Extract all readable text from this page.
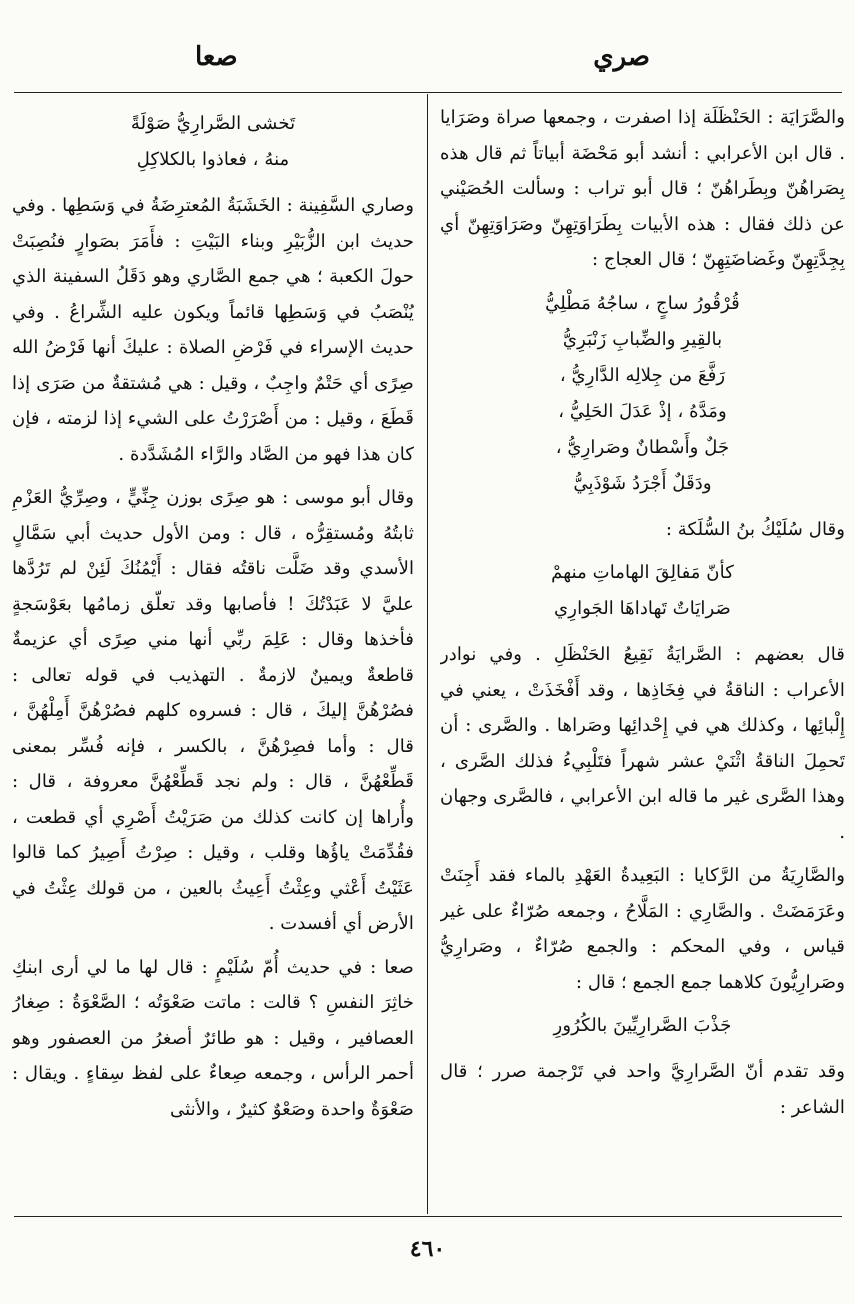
صري
صعا

والصَّرَايَة : الحَنْظَلَة إذا اصفرت ، وجمعها صراة وصَرَايا . قال ابن الأعرابي : أنشد أبو مَحْضَة أبياتاً ثم قال هذه بِصَراهُنّ وبِطَراهُنّ ؛ قال أبو تراب : وسألت الحُصَيْني عن ذلك فقال : هذه الأبيات بِطَرَاوَتِهِنّ وصَرَاوَتِهِنّ أي بِجِدَّتِهِنّ وغَضاضَتِهِنّ ؛ قال العجاج :

قُرْقُورُ ساجٍ ، ساجُهُ مَطْلِيُّ
بالقِيرِ والضِّبابِ زَنْبَرِيُّ
رَفَّعَ من جِلالِه الدَّارِيُّ ،
ومَدَّهُ ، إذْ عَدَلَ الحَلِيُّ ،
جَلٌ وأَسْطانٌ وصَرارِيُّ ،
ودَقَلٌ أَجْرَدُ شَوْذَبِيُّ

وقال سُلَيْكُ بنُ السُّلَكة :

كأنّ مَفالِقَ الهاماتِ منهمْ
صَرايَاتٌ تَهاداهَا الجَوارِي

قال بعضهم : الصَّرايَةُ نَقِيعُ الحَنْظَلِ . وفي نوادر الأعراب : الناقةُ في فِخَاذِها ، وقد أَفْخَذَتْ ، يعني في إِلْبائِها ، وكذلك هي في إِحْدائِها وصَراها . والصَّرى : أن تَحمِلَ الناقةُ اثْنَيْ عشر شهراً فتَلْبِيءُ فذلك الصَّرى ، وهذا الصَّرى غير ما قاله ابن الأعرابي ، فالصَّرى وجهان .

والصَّارِيَةُ من الرَّكايا : البَعِيدةُ العَهْدِ بالماء فقد أَجِنَتْ وعَرَمَضَتْ . والصَّارِي : المَلَّاحُ ، وجمعه صُرّاءٌ على غير قياس ، وفي المحكم : والجمع صُرّاءٌ ، وصَرارِيُّ وصَرارِيُّونَ كلاهما جمع الجمع ؛ قال :

جَذْبَ الصَّرارِيِّينَ بالكُرُورِ

وقد تقدم أنّ الصَّرارِيَّ واحد في تَرْجمة صرر ؛ قال الشاعر :

تَخشى الصَّرارِيُّ صَوْلَةً
منهُ ، فعاذوا بالكلاكِلِ

وصاري السَّفِينة : الخَشَبَةُ المُعترِضَةُ في وَسَطِها . وفي حديث ابن الزُّبَيْرِ وبناء البَيْتِ : فأَمَرَ بصَوارٍ فنُصِبَتْ حولَ الكعبة ؛ هي جمع الصَّاري وهو دَقَلُ السفينة الذي يُنْصَبُ في وَسَطِها قائماً ويكون عليه الشِّراعُ . وفي حديث الإسراء في فَرْضِ الصلاة : عليكَ أنها فَرْضُ الله صِرًى أي حَتْمٌ واجِبٌ ، وقيل : هي مُشتقةٌ من صَرَى إذا قَطَعَ ، وقيل : من أَصْرَرْتُ على الشيء إذا لزمته ، فإن كان هذا فهو من الصَّاد والرَّاء المُشَدَّدة .

وقال أبو موسى : هو صِرًى بوزن جِنِّيٍّ ، وصِرِّيُّ العَزْمِ ثابتُهُ ومُستقِرُّه ، قال : ومن الأول حديث أبي سَمَّالٍ الأسدي وقد ضَلَّت ناقتُه فقال : أَيْمُنُكَ لَئِنْ لم تَرُدَّها عليَّ لا عَبَدْتُكَ ! فأصابها وقد تعلّق زمامُها بعَوْسَجةٍ فأخذها وقال : عَلِمَ ربِّي أنها مني صِرًى أي عزيمةٌ قاطعةٌ ويمينٌ لازمةٌ . التهذيب في قوله تعالى : فصُرْهُنَّ إليكَ ، قال : فسروه كلهم فصُرْهُنَّ أَمِلْهُنَّ ، قال : وأما فصِرْهُنَّ ، بالكسر ، فإنه فُسِّر بمعنى قَطِّعْهُنَّ ، قال : ولم نجد قَطِّعْهُنَّ معروفة ، قال : وأُراها إن كانت كذلك من صَرَيْتُ أَصْرِي أي قطعت ، فقُدِّمَتْ ياؤُها وقلب ، وقيل : صِرْتُ أَصِيرُ كما قالوا عَثَيْتُ أَعْثي وعِثْتُ أَعِيثُ بالعين ، من قولك عِثْتُ في الأرض أي أفسدت .

صعا : في حديث أُمّ سُلَيْمٍ : قال لها ما لي أرى ابنكِ خاثِرَ النفسِ ؟ قالت : ماتت صَعْوَتُه ؛ الصَّعْوَةُ : صِغارُ العصافير ، وقيل : هو طائرٌ أصغرُ من العصفور وهو أحمر الرأس ، وجمعه صِعاءٌ على لفظ سِقاءٍ . ويقال : صَعْوَةٌ واحدة وصَعْوٌ كثيرٌ ، والأنثى

٤٦٠
